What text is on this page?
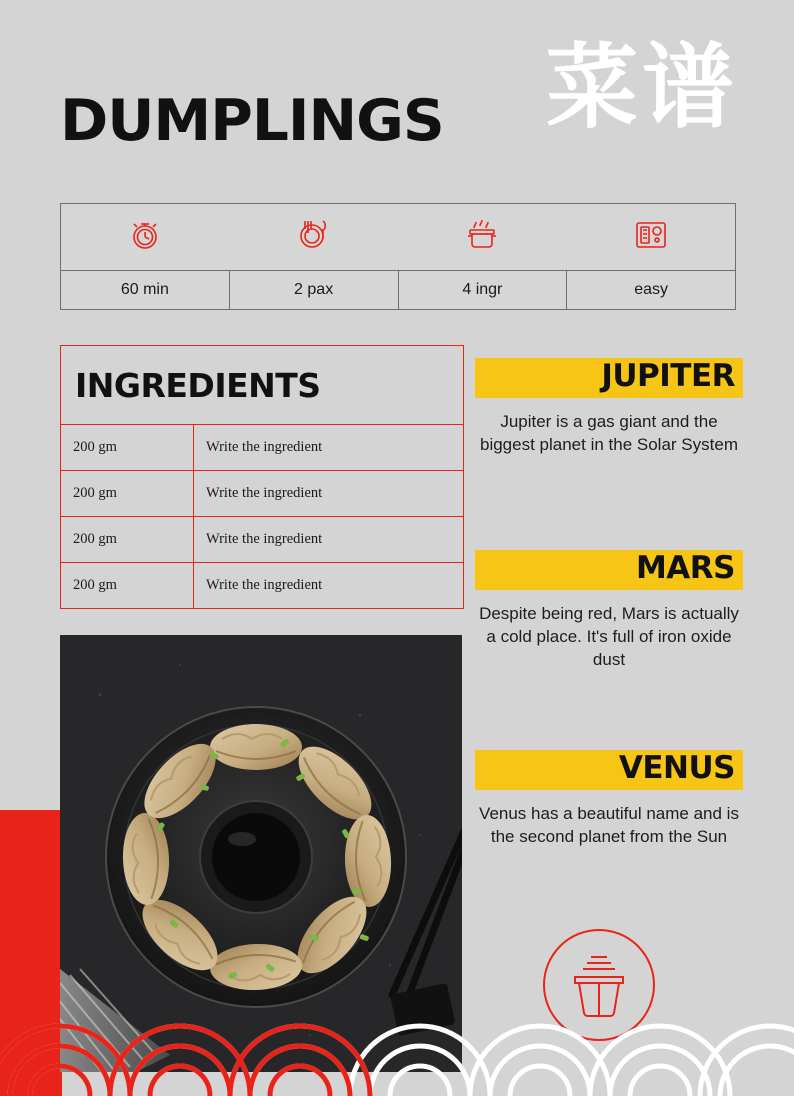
DUMPLINGS 菜谱
60 min	2 pax	4 ingr	easy
INGREDIENTS
200 gm	Write the ingredient
200 gm	Write the ingredient
200 gm	Write the ingredient
200 gm	Write the ingredient
JUPITER
Jupiter is a gas giant and the biggest planet in the Solar System
MARS
Despite being red, Mars is actually a cold place. It's full of iron oxide dust
VENUS
Venus has a beautiful name and is the second planet from the Sun
